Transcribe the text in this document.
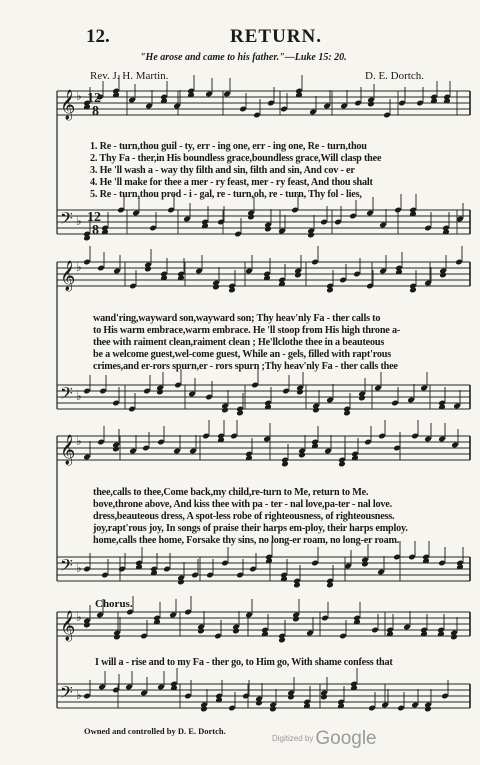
12.	RETURN.
"He arose and came to his father."—Luke 15: 20.
Rev. J. H. Martin.	D. E. Dortch.
𝄞
𝄢
♭
♭
𝄞
𝄢
♭
♭
𝄞
𝄢
♭
♭
𝄞
𝄢
♭
♭
12
8
12
8
1. Re - turn,thou guil - ty, err - ing one, err - ing one, Re - turn,thou
2. Thy Fa - ther,in His boundless grace,boundless grace,Will clasp thee
3. He 'll wash a - way thy filth and sin, filth and sin, And cov - er
4. He 'll make for thee a mer - ry feast, mer - ry feast, And thou shalt
5. Re - turn,thou prod - i - gal, re - turn,oh, re - turn, Thy fol - lies,
wand'ring,wayward son,wayward son; Thy heav'nly Fa - ther calls to
to His warm embrace,warm embrace. He 'll stoop from His high throne a-
thee with raiment clean,raiment clean ; He'llclothe thee in a beauteous
be a welcome guest,wel-come guest, While an - gels, filled with rapt'rous
crimes,and er-rors spurn,er - rors spurn ;Thy heav'nly Fa - ther calls thee
thee,calls to thee,Come back,my child,re-turn to Me, return to Me.
bove,throne above, And kiss thee with pa - ter - nal love,pa-ter - nal love.
dress,beauteous dress, A spot-less robe of righteousness, of righteousness.
joy,rapt'rous joy, In songs of praise their harps em-ploy, their harps employ.
home,calls thee home, Forsake thy sins, no long-er roam, no long-er roam.
Chorus.
I will a - rise and to my Fa - ther go, to Him go, With shame confess that
Owned and controlled by D. E. Dortch.
Digitized by Google
